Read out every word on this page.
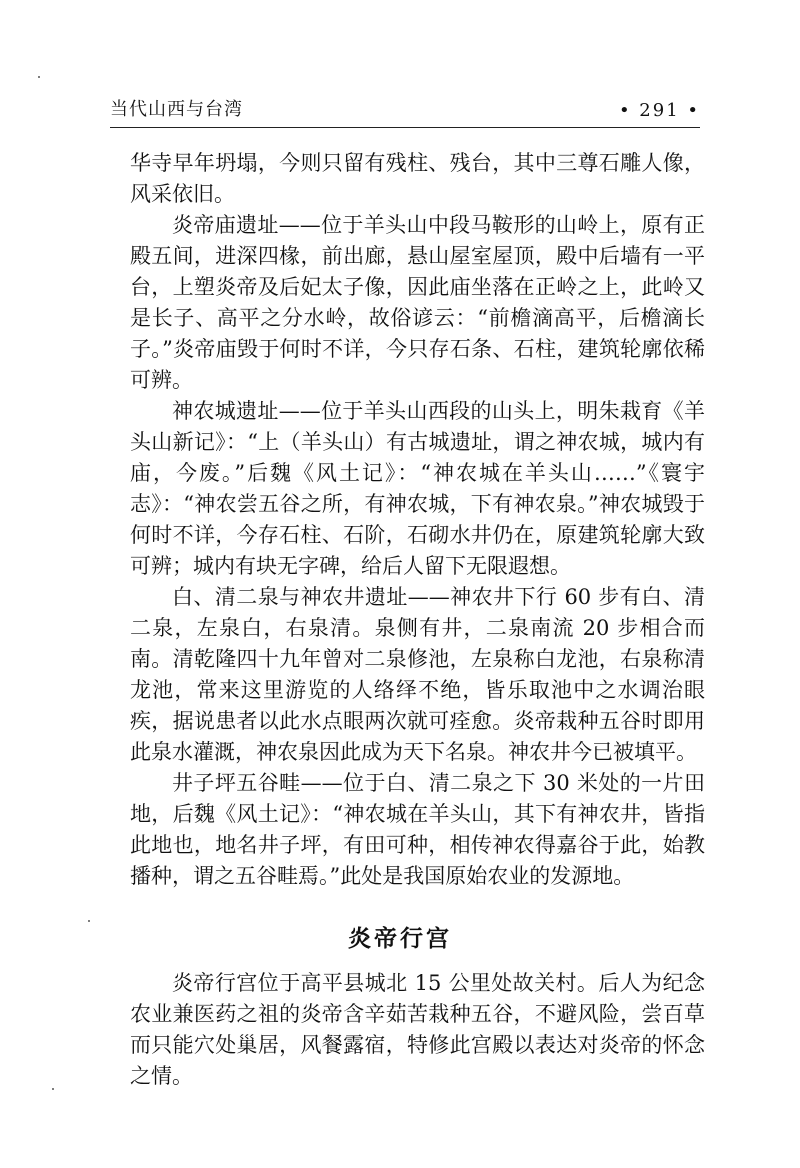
当代山西与台湾	• 291 •

华寺早年坍塌，今则只留有残柱、残台，其中三尊石雕人像，风采依旧。

炎帝庙遗址——位于羊头山中段马鞍形的山岭上，原有正殿五间，进深四椽，前出廊，悬山屋室屋顶，殿中后墙有一平台，上塑炎帝及后妃太子像，因此庙坐落在正岭之上，此岭又是长子、高平之分水岭，故俗谚云：“前檐滴高平，后檐滴长子。”炎帝庙毁于何时不详，今只存石条、石柱，建筑轮廓依稀可辨。

神农城遗址——位于羊头山西段的山头上，明朱栽育《羊头山新记》：“上（羊头山）有古城遗址，谓之神农城，城内有庙，今废。”后魏《风土记》：“神农城在羊头山……”《寰宇志》：“神农尝五谷之所，有神农城，下有神农泉。”神农城毁于何时不详，今存石柱、石阶，石砌水井仍在，原建筑轮廓大致可辨；城内有块无字碑，给后人留下无限遐想。

白、清二泉与神农井遗址——神农井下行 60 步有白、清二泉，左泉白，右泉清。泉侧有井，二泉南流 20 步相合而南。清乾隆四十九年曾对二泉修池，左泉称白龙池，右泉称清龙池，常来这里游览的人络绎不绝，皆乐取池中之水调治眼疾，据说患者以此水点眼两次就可痊愈。炎帝栽种五谷时即用此泉水灌溉，神农泉因此成为天下名泉。神农井今已被填平。

井子坪五谷畦——位于白、清二泉之下 30 米处的一片田地，后魏《风土记》：“神农城在羊头山，其下有神农井，皆指此地也，地名井子坪，有田可种，相传神农得嘉谷于此，始教播种，谓之五谷畦焉。”此处是我国原始农业的发源地。

炎帝行宫

炎帝行宫位于高平县城北 15 公里处故关村。后人为纪念农业兼医药之祖的炎帝含辛茹苦栽种五谷，不避风险，尝百草而只能穴处巢居，风餐露宿，特修此宫殿以表达对炎帝的怀念之情。
